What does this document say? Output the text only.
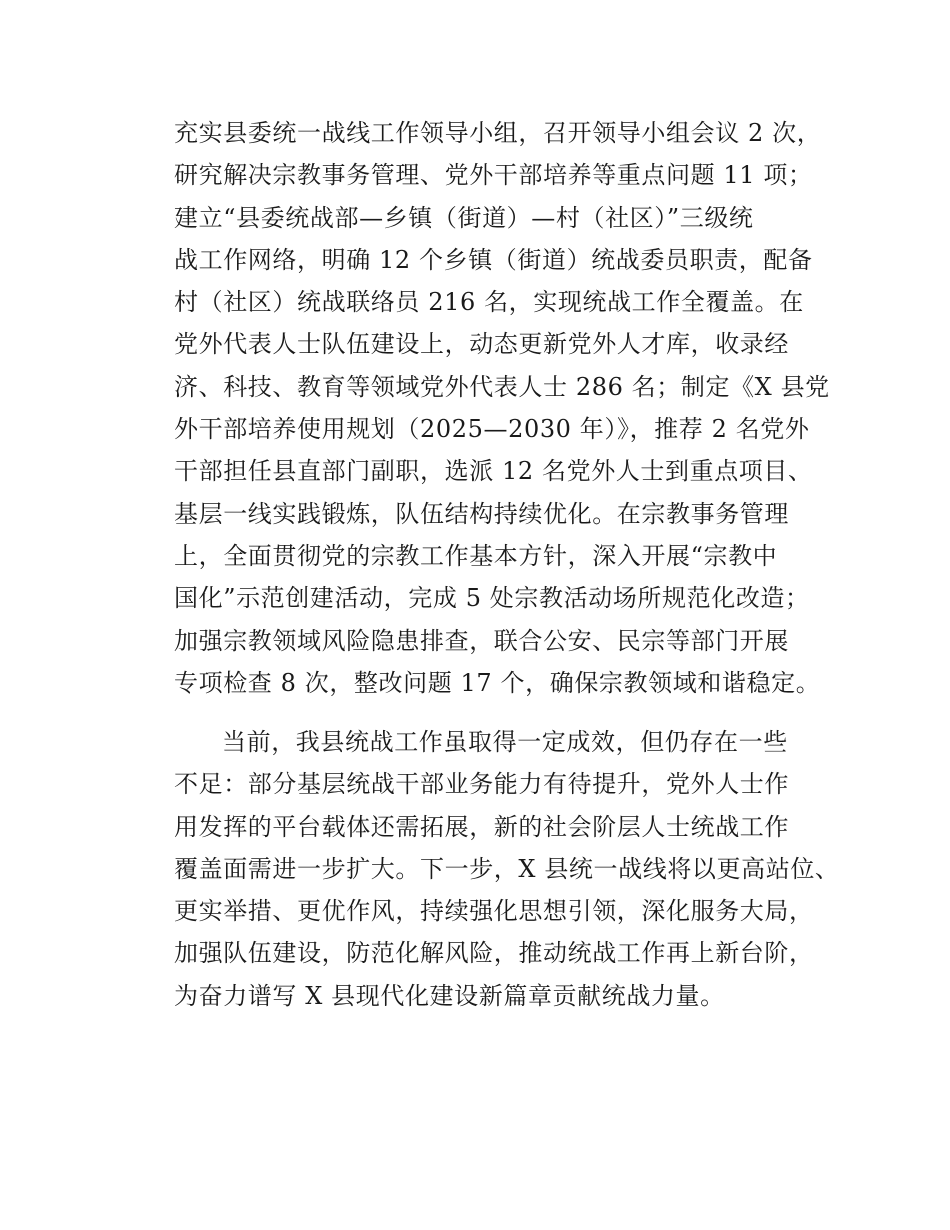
充实县委统一战线工作领导小组，召开领导小组会议 2 次，
研究解决宗教事务管理、党外干部培养等重点问题 11 项；
建立“县委统战部—乡镇（街道）—村（社区）”三级统
战工作网络，明确 12 个乡镇（街道）统战委员职责，配备
村（社区）统战联络员 216 名，实现统战工作全覆盖。在
党外代表人士队伍建设上，动态更新党外人才库，收录经
济、科技、教育等领域党外代表人士 286 名；制定《X 县党
外干部培养使用规划（2025—2030 年）》，推荐 2 名党外
干部担任县直部门副职，选派 12 名党外人士到重点项目、
基层一线实践锻炼，队伍结构持续优化。在宗教事务管理
上，全面贯彻党的宗教工作基本方针，深入开展“宗教中
国化”示范创建活动，完成 5 处宗教活动场所规范化改造；
加强宗教领域风险隐患排查，联合公安、民宗等部门开展
专项检查 8 次，整改问题 17 个，确保宗教领域和谐稳定。
当前，我县统战工作虽取得一定成效，但仍存在一些
不足：部分基层统战干部业务能力有待提升，党外人士作
用发挥的平台载体还需拓展，新的社会阶层人士统战工作
覆盖面需进一步扩大。下一步，X 县统一战线将以更高站位、
更实举措、更优作风，持续强化思想引领，深化服务大局，
加强队伍建设，防范化解风险，推动统战工作再上新台阶，
为奋力谱写 X 县现代化建设新篇章贡献统战力量。
